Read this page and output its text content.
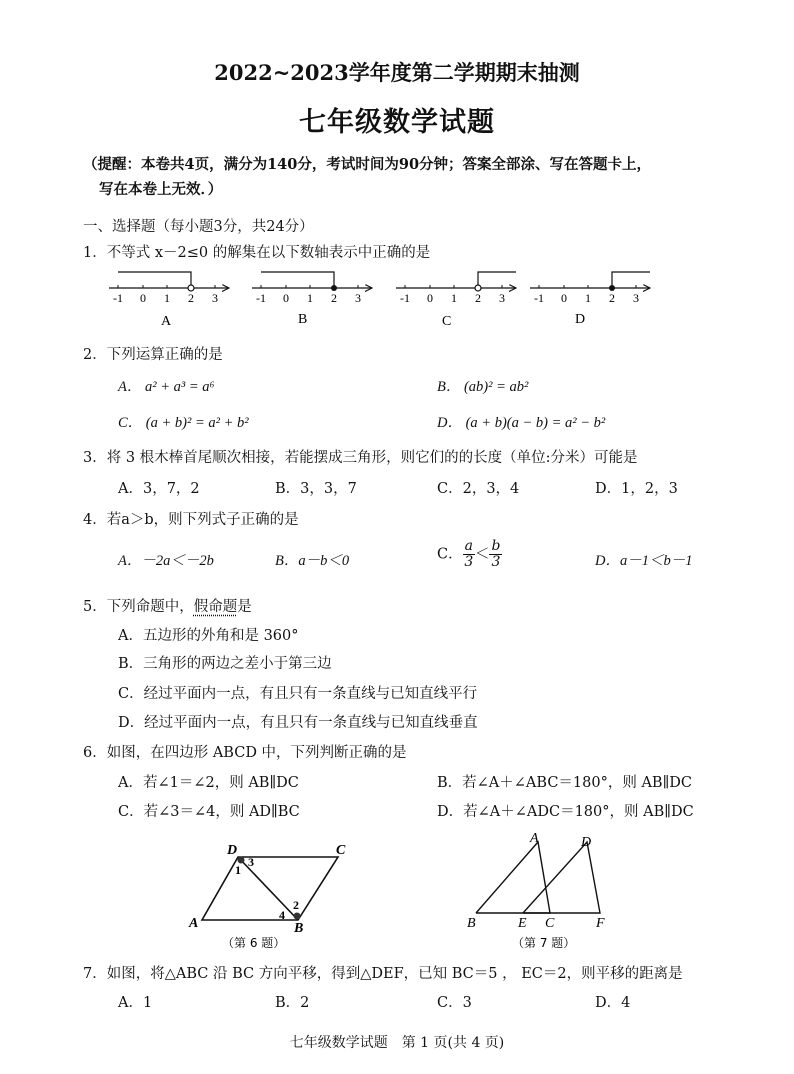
2022~2023学年度第二学期期末抽测
七年级数学试题
（提醒：本卷共4页，满分为140分，考试时间为90分钟；答案全部涂、写在答题卡上，
写在本卷上无效．）
一、选择题（每小题3分，共24分）
1．不等式 x－2≤0 的解集在以下数轴表示中正确的是
-1 0 1 2 3
A
-1 0 1 2 3
B
-1 0 1 2 3
C
-1 0 1 2 3
D
2．下列运算正确的是
A． a² + a³ = a⁶	B． (ab)² = ab²
C． (a + b)² = a² + b²	D． (a + b)(a − b) = a² − b²
3．将 3 根木棒首尾顺次相接，若能摆成三角形，则它们的的长度（单位:分米）可能是
A．3，7，2	B．3，3，7	C．2，3，4	D．1，2，3
4．若a＞b，则下列式子正确的是
A．－2a＜－2b	B．a－b＜0	C． $\frac{a}{3} < \frac{b}{3}$	D．a－1＜b－1
5．下列命题中，假命题是
A．五边形的外角和是 360°
B．三角形的两边之差小于第三边
C．经过平面内一点，有且只有一条直线与已知直线平行
D．经过平面内一点，有且只有一条直线与已知直线垂直
6．如图，在四边形 ABCD 中，下列判断正确的是
A．若∠1＝∠2，则 AB∥DC	B．若∠A＋∠ABC＝180°，则 AB∥DC
C．若∠3＝∠4，则 AD∥BC	D．若∠A＋∠ADC＝180°，则 AB∥DC
D	C
A	B
1
3
2
4
（第 6 题）
A	D
B	E C	F
（第 7 题）
7．如图，将△ABC 沿 BC 方向平移，得到△DEF，已知 BC＝5 ， EC＝2，则平移的距离是
A．1	B．2	C．3	D．4
七年级数学试题　第 1 页(共 4 页)
